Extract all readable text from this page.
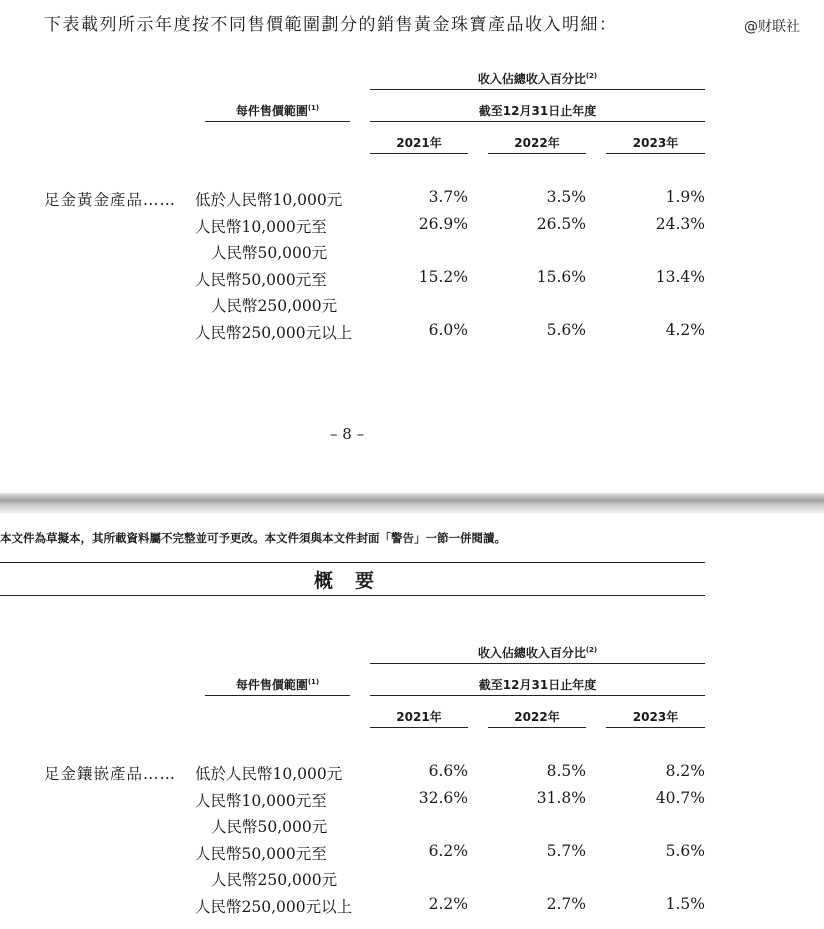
下表載列所示年度按不同售價範圍劃分的銷售黃金珠寶產品收入明細：	@财联社
收入佔總收入百分比$^{(2)}$
截至12月31日止年度
每件售價範圍$^{(1)}$
2021年	2022年	2023年
足金黃金產品…… 低於人民幣10,000元	3.7%	3.5%	1.9%
人民幣10,000元至
人民幣50,000元
26.9%	26.5%	24.3%
人民幣50,000元至
人民幣250,000元
15.2%	15.6%	13.4%
人民幣250,000元以上	6.0%	5.6%	4.2%
– 8 –
本文件為草擬本，其所載資料屬不完整並可予更改。本文件須與本文件封面「警告」一節一併閱讀。
概要
收入佔總收入百分比$^{(2)}$
截至12月31日止年度
每件售價範圍$^{(1)}$
2021年	2022年	2023年
足金鑲嵌產品…… 低於人民幣10,000元	6.6%	8.5%	8.2%
人民幣10,000元至
人民幣50,000元
32.6%	31.8%	40.7%
人民幣50,000元至
人民幣250,000元
6.2%	5.7%	5.6%
人民幣250,000元以上	2.2%	2.7%	1.5%
